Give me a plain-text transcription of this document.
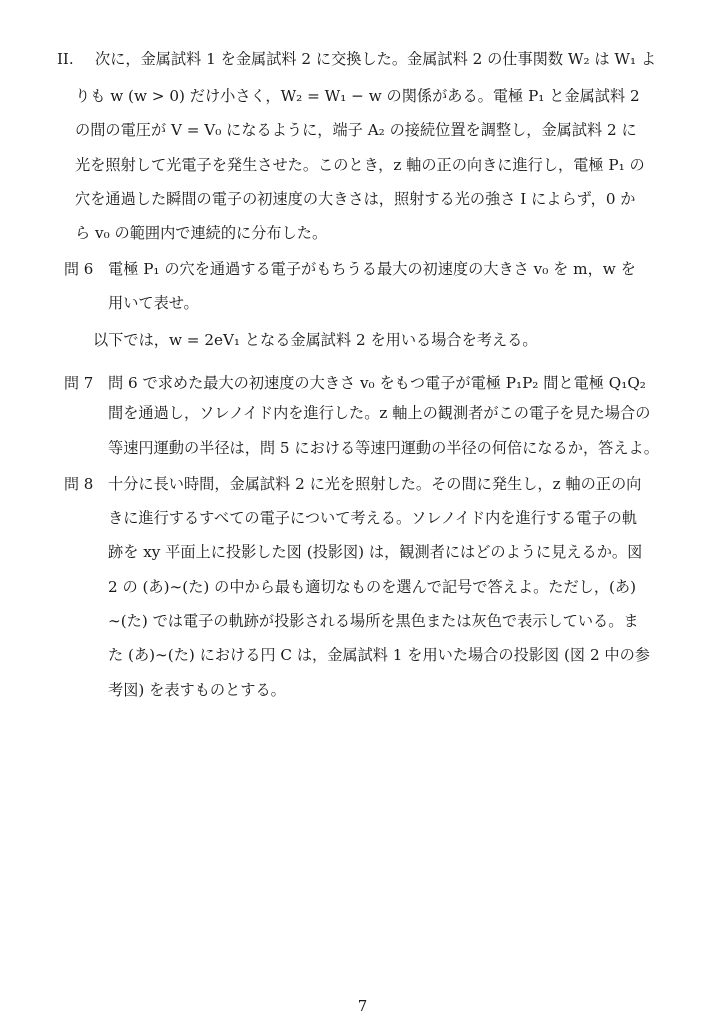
II. 次に，金属試料 1 を金属試料 2 に交換した。金属試料 2 の仕事関数 W₂ は W₁ よ
りも w (w > 0) だけ小さく，W₂ = W₁ − w の関係がある。電極 P₁ と金属試料 2
の間の電圧が V = V₀ になるように，端子 A₂ の接続位置を調整し，金属試料 2 に
光を照射して光電子を発生させた。このとき，z 軸の正の向きに進行し，電極 P₁ の
穴を通過した瞬間の電子の初速度の大きさは，照射する光の強さ I によらず，0 か
ら v₀ の範囲内で連続的に分布した。
問 6 電極 P₁ の穴を通過する電子がもちうる最大の初速度の大きさ v₀ を m，w を
用いて表せ。
以下では，w = 2eV₁ となる金属試料 2 を用いる場合を考える。
問 7 問 6 で求めた最大の初速度の大きさ v₀ をもつ電子が電極 P₁P₂ 間と電極 Q₁Q₂
間を通過し，ソレノイド内を進行した。z 軸上の観測者がこの電子を見た場合の
等速円運動の半径は，問 5 における等速円運動の半径の何倍になるか，答えよ。
問 8 十分に長い時間，金属試料 2 に光を照射した。その間に発生し，z 軸の正の向
きに進行するすべての電子について考える。ソレノイド内を進行する電子の軌
跡を xy 平面上に投影した図 (投影図) は，観測者にはどのように見えるか。図
2 の (あ)∼(た) の中から最も適切なものを選んで記号で答えよ。ただし，(あ)
∼(た) では電子の軌跡が投影される場所を黒色または灰色で表示している。ま
た (あ)∼(た) における円 C は，金属試料 1 を用いた場合の投影図 (図 2 中の参
考図) を表すものとする。
7
